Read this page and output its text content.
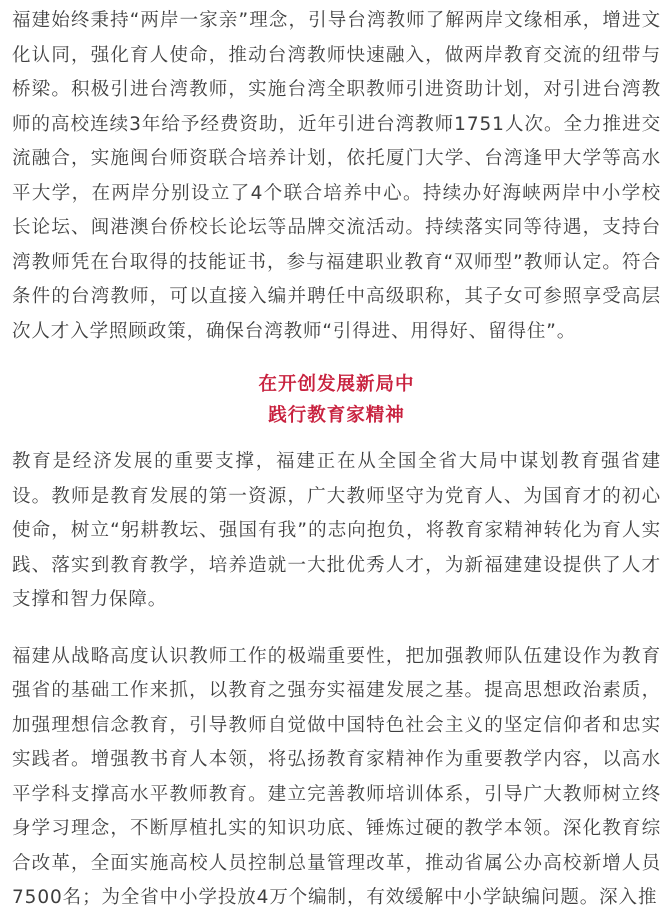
福建始终秉持“两岸一家亲”理念，引导台湾教师了解两岸文缘相承，增进文化认同，强化育人使命，推动台湾教师快速融入，做两岸教育交流的纽带与桥梁。积极引进台湾教师，实施台湾全职教师引进资助计划，对引进台湾教师的高校连续3年给予经费资助，近年引进台湾教师1751人次。全力推进交流融合，实施闽台师资联合培养计划，依托厦门大学、台湾逢甲大学等高水平大学，在两岸分别设立了4个联合培养中心。持续办好海峡两岸中小学校长论坛、闽港澳台侨校长论坛等品牌交流活动。持续落实同等待遇，支持台湾教师凭在台取得的技能证书，参与福建职业教育“双师型”教师认定。符合条件的台湾教师，可以直接入编并聘任中高级职称，其子女可参照享受高层次人才入学照顾政策，确保台湾教师“引得进、用得好、留得住”。

在开创发展新局中
践行教育家精神

教育是经济发展的重要支撑，福建正在从全国全省大局中谋划教育强省建设。教师是教育发展的第一资源，广大教师坚守为党育人、为国育才的初心使命，树立“躬耕教坛、强国有我”的志向抱负，将教育家精神转化为育人实践、落实到教育教学，培养造就一大批优秀人才，为新福建建设提供了人才支撑和智力保障。

福建从战略高度认识教师工作的极端重要性，把加强教师队伍建设作为教育强省的基础工作来抓，以教育之强夯实福建发展之基。提高思想政治素质，加强理想信念教育，引导教师自觉做中国特色社会主义的坚定信仰者和忠实实践者。增强教书育人本领，将弘扬教育家精神作为重要教学内容，以高水平学科支撑高水平教师教育。建立完善教师培训体系，引导广大教师树立终身学习理念，不断厚植扎实的知识功底、锤炼过硬的教学本领。深化教育综合改革，全面实施高校人员控制总量管理改革，推动省属公办高校新增人员7500名；为全省中小学投放4万个编制，有效缓解中小学缺编问题。深入推
